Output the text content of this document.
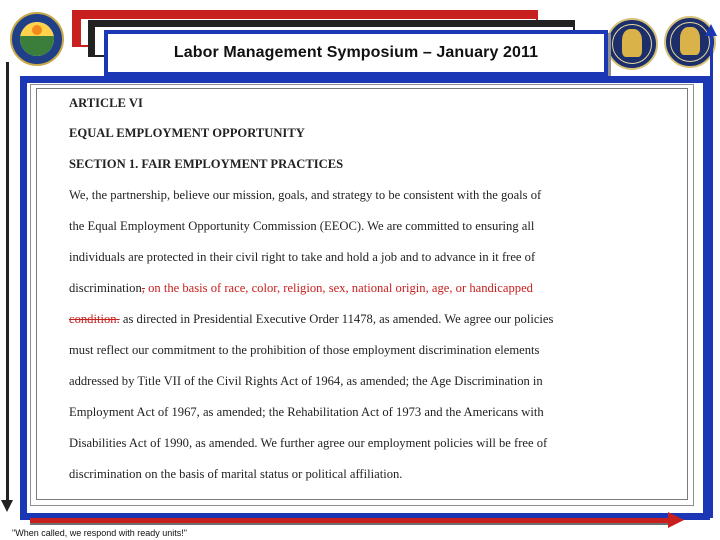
Labor Management Symposium – January 2011
ARTICLE VI
EQUAL EMPLOYMENT OPPORTUNITY
SECTION 1. FAIR EMPLOYMENT PRACTICES
We, the partnership, believe our mission, goals, and strategy to be consistent with the goals of
the Equal Employment Opportunity Commission (EEOC). We are committed to ensuring all
individuals are protected in their civil right to take and hold a job and to advance in it free of
discrimination, on the basis of race, color, religion, sex, national origin, age, or handicapped
condition. as directed in Presidential Executive Order 11478, as amended. We agree our policies
must reflect our commitment to the prohibition of those employment discrimination elements
addressed by Title VII of the Civil Rights Act of 1964, as amended; the Age Discrimination in
Employment Act of 1967, as amended; the Rehabilitation Act of 1973 and the Americans with
Disabilities Act of 1990, as amended. We further agree our employment policies will be free of
discrimination on the basis of marital status or political affiliation.
"When called, we respond with ready units!"
